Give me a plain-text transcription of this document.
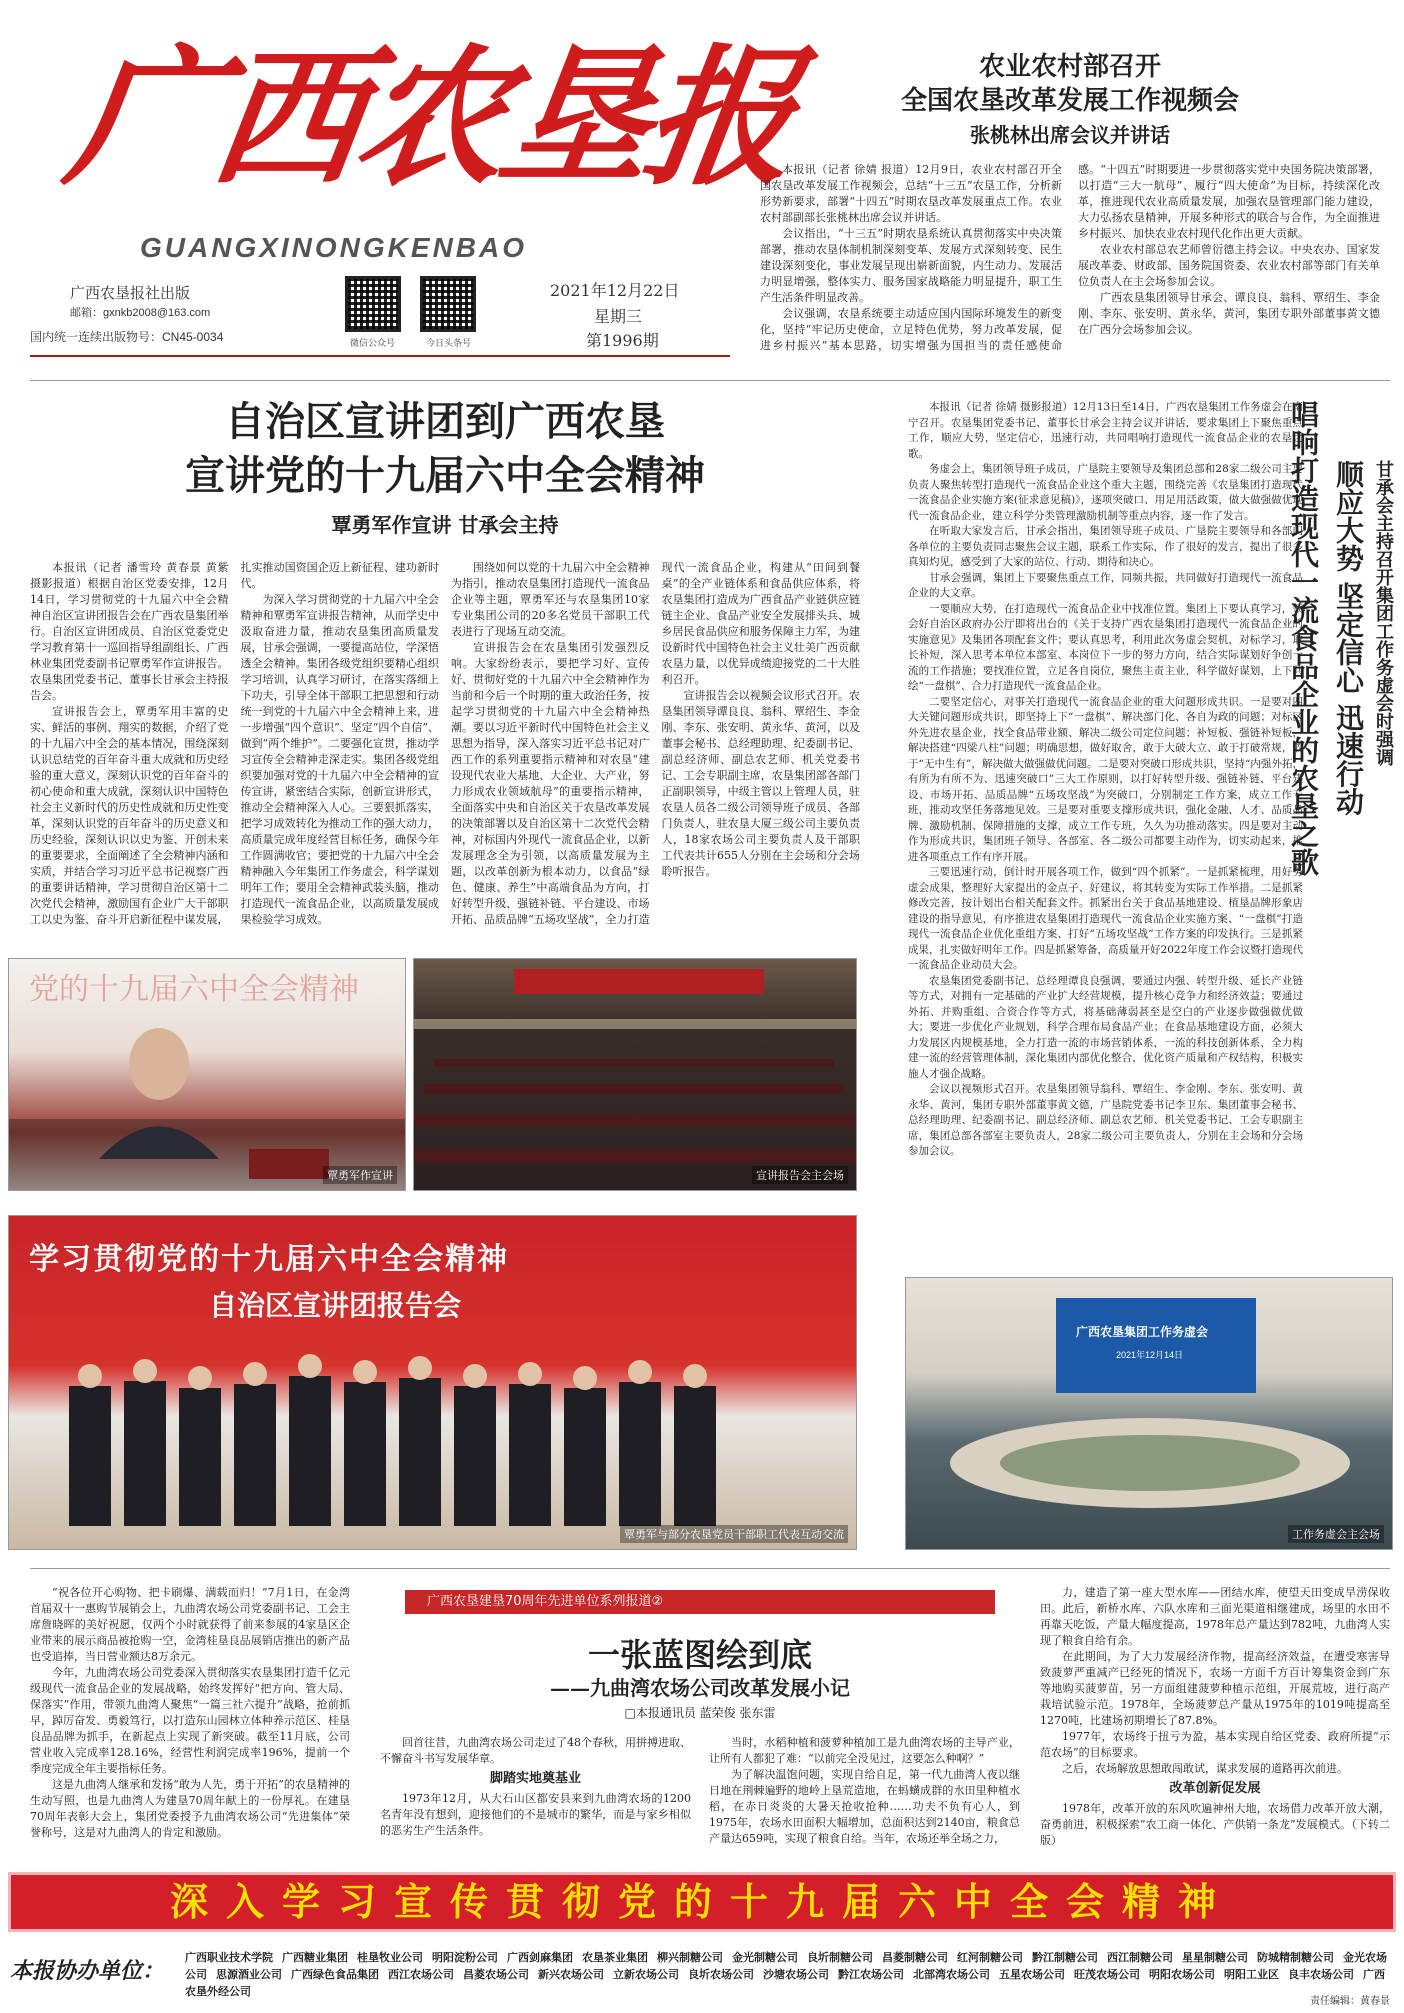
广西农垦报
GUANGXINONGKENBAO
广西农垦报社出版
邮箱：gxnkb2008@163.com
国内统一连续出版物号：CN45-0034	微信公众号	今日头条号
2021年12月22日
星期三
第1996期
农业农村部召开
全国农垦改革发展工作视频会
张桃林出席会议并讲话

本报讯（记者 徐婧 报道）12月9日，农业农村部召开全国农垦改革发展工作视频会，总结“十三五”农垦工作，分析新形势新要求，部署“十四五”时期农垦改革发展重点工作。农业农村部副部长张桃林出席会议并讲话。

会议指出，“十三五”时期农垦系统认真贯彻落实中央决策部署，推动农垦体制机制深刻变革、发展方式深刻转变、民生建设深刻变化，事业发展呈现出崭新面貌，内生动力、发展活力明显增强，整体实力、服务国家战略能力明显提升，职工生产生活条件明显改善。

会议强调，农垦系统要主动适应国内国际环境发生的新变化，坚持“牢记历史使命，立足特色优势，努力改革发展，促进乡村振兴”基本思路，切实增强为国担当的责任感使命感。“十四五”时期要进一步贯彻落实党中央国务院决策部署，以打造“三大一航母”、履行“四大使命”为目标，持续深化改革，推进现代农业高质量发展，加强农垦管理部门能力建设，大力弘扬农垦精神，开展多种形式的联合与合作，为全面推进乡村振兴、加快农业农村现代化作出更大贡献。

农业农村部总农艺师曾衍德主持会议。中央农办、国家发展改革委、财政部、国务院国资委、农业农村部等部门有关单位负责人在主会场参加会议。

广西农垦集团领导甘承会、谭良良、翁科、覃绍生、李金刚、李东、张安明、黄永华、黄河，集团专职外部董事黄文德在广西分会场参加会议。

自治区宣讲团到广西农垦
宣讲党的十九届六中全会精神
覃勇军作宣讲 甘承会主持

本报讯（记者 潘雪玲 黄春景 黄紫 摄影报道）根据自治区党委安排，12月14日，学习贯彻党的十九届六中全会精神自治区宣讲团报告会在广西农垦集团举行。自治区宣讲团成员、自治区党委党史学习教育第十一巡回指导组副组长、广西林业集团党委副书记覃勇军作宣讲报告。农垦集团党委书记、董事长甘承会主持报告会。

宣讲报告会上，覃勇军用丰富的史实、鲜活的事例、翔实的数据，介绍了党的十九届六中全会的基本情况，围绕深刻认识总结党的百年奋斗重大成就和历史经验的重大意义，深刻认识党的百年奋斗的初心使命和重大成就，深刻认识中国特色社会主义新时代的历史性成就和历史性变革，深刻认识党的百年奋斗的历史意义和历史经验，深刻认识以史为鉴、开创未来的重要要求，全面阐述了全会精神内涵和实质，并结合学习习近平总书记视察广西的重要讲话精神，学习贯彻自治区第十二次党代会精神，激励国有企业广大干部职工以史为鉴、奋斗开启新征程中谋发展，扎实推动国资国企迈上新征程、建功新时代。

为深入学习贯彻党的十九届六中全会精神和覃勇军宣讲报告精神，从而学史中汲取奋进力量，推动农垦集团高质量发展，甘承会强调，一要提高站位，学深悟透全会精神。集团各级党组织要精心组织学习培训，认真学习研讨，在落实落细上下功夫，引导全体干部职工把思想和行动统一到党的十九届六中全会精神上来，进一步增强“四个意识”、坚定“四个自信”、做到“两个维护”。二要强化宣贯，推动学习宣传全会精神走深走实。集团各级党组织要加强对党的十九届六中全会精神的宣传宣讲，紧密结合实际，创新宣讲形式，推动全会精神深入人心。三要狠抓落实，把学习成效转化为推动工作的强大动力，高质量完成年度经营目标任务，确保今年工作圆满收官；要把党的十九届六中全会精神融入今年集团工作务虚会，科学谋划明年工作；要用全会精神武装头脑，推动打造现代一流食品企业，以高质量发展成果检验学习成效。

围绕如何以党的十九届六中全会精神为指引，推动农垦集团打造现代一流食品企业等主题，覃勇军还与农垦集团10家专业集团公司的20多名党员干部职工代表进行了现场互动交流。

宣讲报告会在农垦集团引发强烈反响。大家纷纷表示，要把学习好、宣传好、贯彻好党的十九届六中全会精神作为当前和今后一个时期的重大政治任务，按起学习贯彻党的十九届六中全会精神热潮。要以习近平新时代中国特色社会主义思想为指导，深入落实习近平总书记对广西工作的系列重要指示精神和对农垦“建设现代农业大基地、大企业、大产业，努力形成农业领域航母”的重要指示精神，全面落实中央和自治区关于农垦改革发展的决策部署以及自治区第十二次党代会精神，对标国内外现代一流食品企业，以新发展理念全为引领，以高质量发展为主题，以改革创新为根本动力，以食品“绿色、健康、养生”中高端食品为方向，打好转型升级、强链补链、平台建设、市场开拓、品质品牌“五场攻坚战”，全力打造现代一流食品企业，构建从“田间到餐桌”的全产业链体系和食品供应体系，将农垦集团打造成为广西食品产业链供应链链主企业、食品产业安全发展排头兵、城乡居民食品供应和服务保障主力军，为建设新时代中国特色社会主义壮美广西贡献农垦力量，以优异成绩迎接党的二十大胜利召开。

宣讲报告会以视频会议形式召开。农垦集团领导谭良良、翁科、覃绍生、李金刚、李东、张安明、黄永华、黄河，以及董事会秘书、总经理助理、纪委副书记、副总经济师、副总农艺师、机关党委书记、工会专职副主席，农垦集团部各部门正副职领导，中级主管以上管理人员，驻农垦人员各二级公司领导班子成员、各部门负责人，驻农垦大厦三级公司主要负责人，18家农场公司主要负责人及干部职工代表共计655人分别在主会场和分会场聆听报告。

本报讯（记者 徐婧 摄影报道）12月13日至14日，广西农垦集团工作务虚会在南宁召开。农垦集团党委书记、董事长甘承会主持会议并讲话，要求集团上下聚焦重点工作，顺应大势，坚定信心，迅速行动，共同唱响打造现代一流食品企业的农垦之歌。

务虚会上，集团领导班子成员，广垦院主要领导及集团总部和28家二级公司主要负责人聚焦转型打造现代一流食品企业这个重大主题，围绕完善《农垦集团打造现代一流食品企业实施方案(征求意见稿)》，逐项突破口、用足用活政策，做大做强做优现代一流食品企业，建立科学分类管理激励机制等重点内容，逐一作了发言。

在听取大家发言后，甘承会指出，集团领导班子成员、广垦院主要领导和各部门各单位的主要负责同志聚焦会议主题，联系工作实际，作了很好的发言，提出了很多真知灼见，感受到了大家的站位、行动、期待和决心。

甘承会强调，集团上下要聚焦重点工作，同频共振，共同做好打造现代一流食品企业的大文章。

一要顺应大势，在打造现代一流食品企业中找准位置。集团上下要认真学习，领会好自治区政府办公厅即将出台的《关于支持广西农垦集团打造现代一流食品企业的实施意见》及集团各项配套文件；要认真思考，利用此次务虚会契机，对标学习，取长补短，深入思考本单位本部室、本岗位下一步的努力方向，结合实际谋划好争创一流的工作措施；要找准位置，立足各自岗位，聚焦主责主业，科学做好谋划，上下共绘“一盘棋”、合力打造现代一流食品企业。

二要坚定信心，对事关打造现代一流食品企业的重大问题形成共识。一是要对四大关键问题形成共识，即坚持上下“一盘棋”、解决部门化、各自为政的问题；对标区外先进农垦企业，找全食品带业额、解决二级公司定位问题；补短板、强链补短板，解决搭建“四梁八柱”问题；明确思想，做好取舍，敢于大破大立、敢于打破常规，敢于“无中生有”，解决做大做强做优问题。二是要对突破口形成共识，坚持“内强外拓，有所为有所不为、迅速突破口”三大工作原则，以打好转型升级、强链补链、平台建设、市场开拓、品质品牌“五场攻坚战”为突破口，分别制定工作方案，成立工作专班，推动攻坚任务落地见效。三是要对重要支撑形成共识，强化金融、人才、品质品牌、激励机制、保障措施的支撑，成立工作专班，久久为功推动落实。四是要对主动作为形成共识，集团班子领导、各部室、各二级公司都要主动作为，切实动起来，推进各项重点工作有序开展。

三要迅速行动，倒计时开展各项工作，做到“四个抓紧”。一是抓紧梳理，用好务虚会成果，整理好大家提出的金点子、好建议，将其转变为实际工作举措。二是抓紧修改完善，按计划出台相关配套文件。抓紧出台关于食品基地建设、植垦品牌形象店建设的指导意见，有序推进农垦集团打造现代一流食品企业实施方案、“一盘棋”打造现代一流食品企业优化重组方案、打好“五场攻坚战”工作方案的印发执行。三是抓紧成果，扎实做好明年工作。四是抓紧筹备，高质量开好2022年度工作会议暨打造现代一流食品企业动员大会。

农垦集团党委副书记、总经理谭良良强调，要通过内强、转型升级、延长产业链等方式，对拥有一定基础的产业扩大经营规模，提升核心竞争力和经济效益；要通过外拓、并购重组、合资合作等方式，将基础薄弱甚至是空白的产业逐步做强做优做大；要进一步优化产业规划，科学合理布局食品产业；在食品基地建设方面，必须大力发展区内规模基地，全力打造一流的市场营销体系，一流的科技创新体系，全力构建一流的经营管理体制，深化集团内部优化整合，优化资产质量和产权结构，积极实施人才强企战略。

会议以视频形式召开。农垦集团领导翁科、覃绍生、李金刚、李东、张安明、黄永华、黄河，集团专职外部董事黄文德，广垦院党委书记李卫东、集团董事会秘书、总经理助理、纪委副书记、副总经济师、副总农艺师、机关党委书记、工会专职副主席，集团总部各部室主要负责人，28家二级公司主要负责人，分别在主会场和分会场参加会议。

唱响打造现代一流食品企业的农垦之歌 顺应大势 坚定信心 迅速行动 甘承会主持召开集团工作务虚会时强调
党的十九届六中全会精神
覃勇军作宣讲	宣讲报告会主会场
学习贯彻党的十九届六中全会精神
自治区宣讲团报告会
覃勇军与部分农垦党员干部职工代表互动交流
广西农垦集团工作务虚会
2021年12月14日
工作务虚会主会场

“祝各位开心购物、把卡刷爆、满载而归！”7月1日，在金湾首届双十一惠购节展销会上，九曲湾农场公司党委副书记、工会主席詹晓晖的美好祝愿，仅两个小时就获得了前来参展的4家垦区企业带来的展示商品被抢购一空，金湾桂垦良品展销店推出的新产品也受追捧，当日营业额达8万余元。

今年，九曲湾农场公司党委深入贯彻落实农垦集团打造千亿元级现代一流食品企业的发展战略，始终发挥好“把方向、管大局、保落实”作用，带领九曲湾人聚焦“一篇三社六提升”战略，抢前抓早，踔厉奋发、勇毅笃行，以打造东山园林立体种养示范区、桂垦良品品牌为抓手，在新起点上实现了新突破。截至11月底，公司营业收入完成率128.16%，经营性利润完成率196%，提前一个季度完成全年主要指标任务。

这是九曲湾人继承和发扬“敢为人先，勇于开拓”的农垦精神的生动写照，也是九曲湾人为建垦70周年献上的一份厚礼。在建垦70周年表彰大会上，集团党委授予九曲湾农场公司“先进集体”荣誉称号，这是对九曲湾人的肯定和激励。

广西农垦建垦70周年先进单位系列报道②
一张蓝图绘到底
——九曲湾农场公司改革发展小记
□本报通讯员 蓝荣俊 张东雷

回首往昔，九曲湾农场公司走过了48个春秋，用拼搏进取、不懈奋斗书写发展华章。

脚踏实地奠基业

1973年12月，从大石山区都安县来到九曲湾农场的1200名青年没有想到，迎接他们的不是城市的繁华，而是与家乡相似的恶劣生产生活条件。

当时，水稻种植和菠萝种植加工是九曲湾农场的主导产业，让所有人都犯了难：“以前完全没见过，这要怎么种啊？”

为了解决温饱问题，实现自给自足，第一代九曲湾人夜以继日地在荆棘遍野的地岭上垦荒造地，在蚂蟥成群的水田里种植水稻，在赤日炎炎的大暑天抢收抢种……功夫不负有心人，到1975年，农场水田面积大幅增加，总面积达到2140亩，粮食总产量达659吨，实现了粮食自给。当年，农场还举全场之力，

力，建造了第一座大型水库——团结水库，使望天田变成旱涝保收田。此后，新桥水库、六队水库和三面光渠道相继建成，场里的水田不再靠天吃饭，产量大幅度提高，1978年总产量达到782吨，九曲湾人实现了粮食自给有余。

在此期间，为了大力发展经济作物，提高经济效益，在遭受寒害导致菠萝严重减产已经死的情况下，农场一方面千方百计筹集资金到广东等地购买菠萝苗，另一方面组建菠萝种植示范组，开展荒坡，进行高产栽培试验示范。1978年，全场菠萝总产量从1975年的1019吨提高至1270吨，比建场初期增长了87.8%。

1977年，农场终于扭亏为盈，基本实现自给区党委、政府所提“示范农场”的目标要求。

之后，农场解放思想敢闯敢试，谋求发展的道路再次前进。

改革创新促发展

1978年，改革开放的东风吹遍神州大地，农场借力改革开放大潮，奋勇前进，积极探索“农工商一体化、产供销一条龙”发展模式。（下转二版）

深入学习宣传贯彻党的十九届六中全会精神
本报协办单位： 广西职业技术学院 广西糖业集团 桂垦牧业公司 明阳淀粉公司 广西剑麻集团 农垦茶业集团 柳兴制糖公司 金光制糖公司 良圻制糖公司 昌菱制糖公司 红河制糖公司 黔江制糖公司 西江制糖公司 星星制糖公司 防城精制糖公司 金光农场公司 思源酒业公司 广西绿色食品集团 西江农场公司 昌菱农场公司 新兴农场公司 立新农场公司 良圻农场公司 沙塘农场公司 黔江农场公司 北部湾农场公司 五星农场公司 旺茂农场公司 明阳农场公司 明阳工业区 良丰农场公司 广西农垦外经公司
责任编辑：黄春景
